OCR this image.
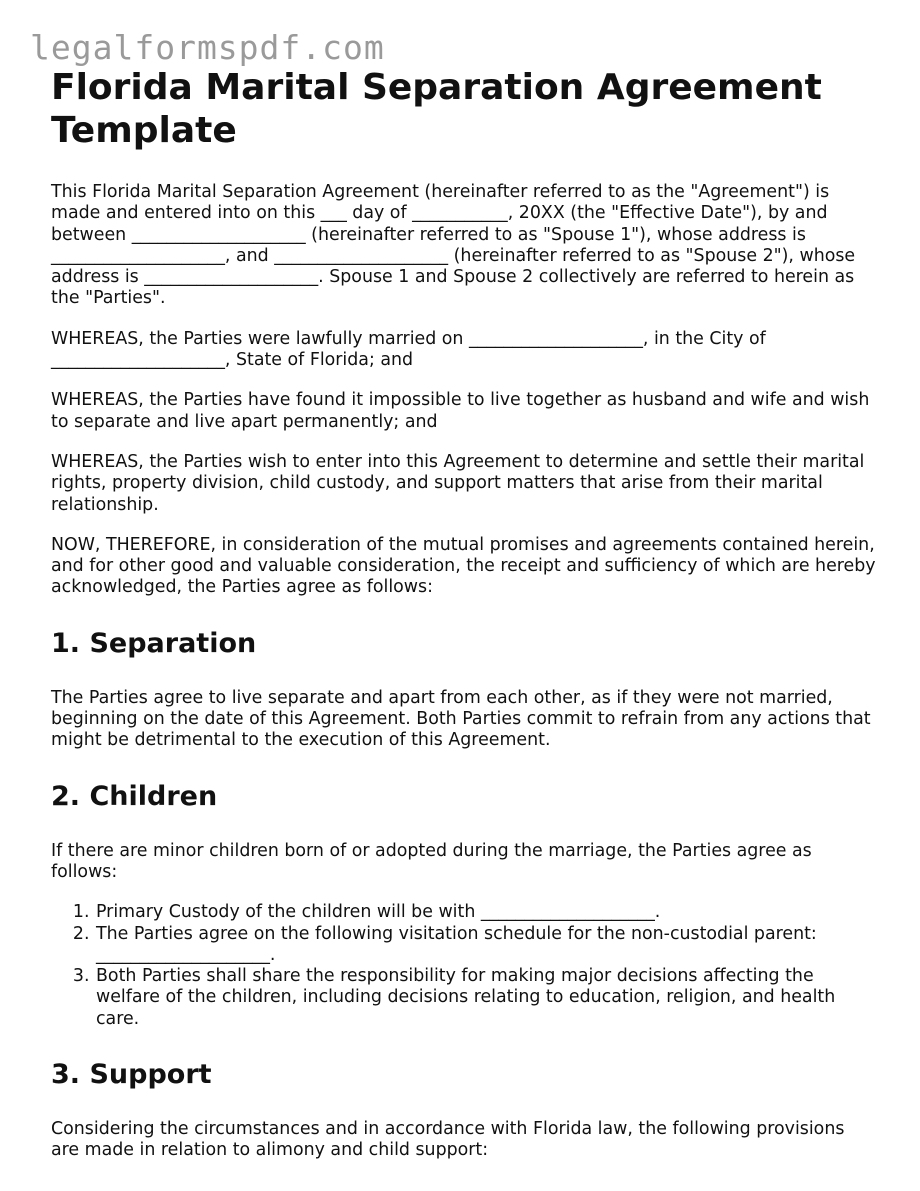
legalformspdf.com
Florida Marital Separation Agreement Template

This Florida Marital Separation Agreement (hereinafter referred to as the "Agreement") is made and entered into on this ___ day of ___________, 20XX (the "Effective Date"), by and between ____________________ (hereinafter referred to as "Spouse 1"), whose address is ____________________, and ____________________ (hereinafter referred to as "Spouse 2"), whose address is ____________________. Spouse 1 and Spouse 2 collectively are referred to herein as the "Parties".

WHEREAS, the Parties were lawfully married on ____________________, in the City of ____________________, State of Florida; and

WHEREAS, the Parties have found it impossible to live together as husband and wife and wish to separate and live apart permanently; and

WHEREAS, the Parties wish to enter into this Agreement to determine and settle their marital rights, property division, child custody, and support matters that arise from their marital relationship.

NOW, THEREFORE, in consideration of the mutual promises and agreements contained herein, and for other good and valuable consideration, the receipt and sufficiency of which are hereby acknowledged, the Parties agree as follows:

1. Separation

The Parties agree to live separate and apart from each other, as if they were not married, beginning on the date of this Agreement. Both Parties commit to refrain from any actions that might be detrimental to the execution of this Agreement.

2. Children

If there are minor children born of or adopted during the marriage, the Parties agree as follows:

1. Primary Custody of the children will be with ____________________.
2. The Parties agree on the following visitation schedule for the non-custodial parent: ____________________.
3. Both Parties shall share the responsibility for making major decisions affecting the welfare of the children, including decisions relating to education, religion, and health care.
3. Support

Considering the circumstances and in accordance with Florida law, the following provisions are made in relation to alimony and child support:
